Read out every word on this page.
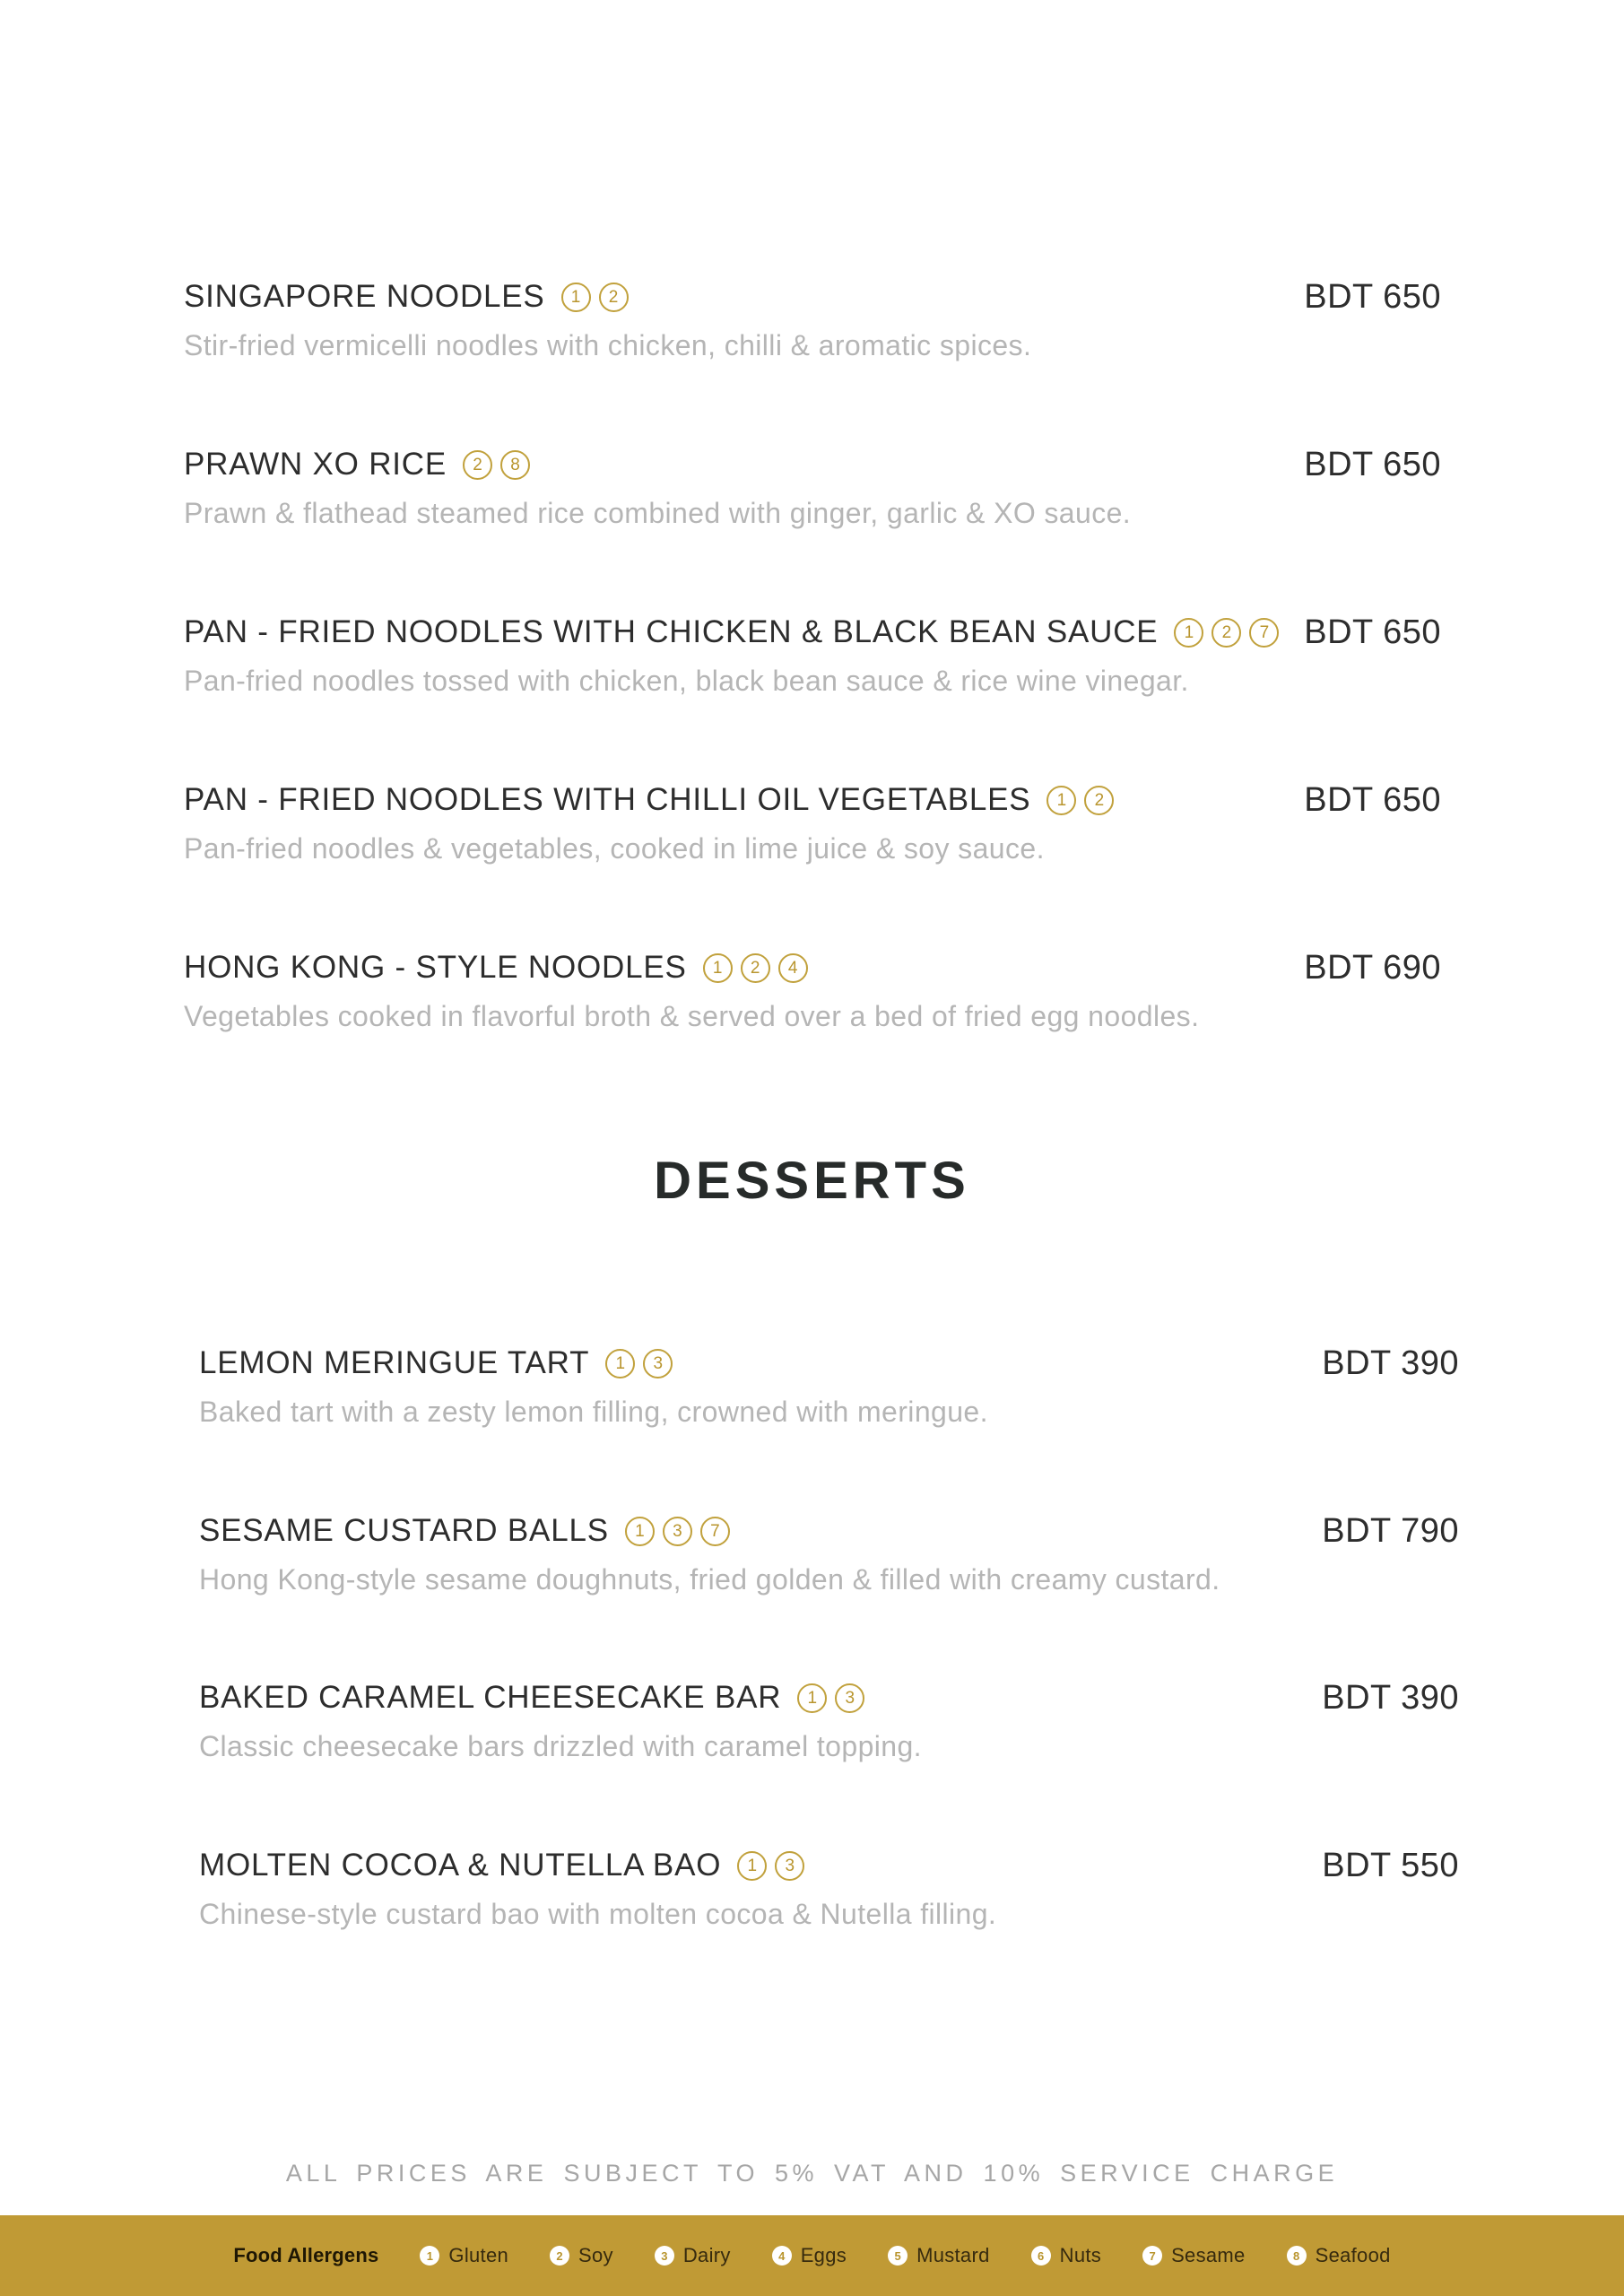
SINGAPORE NOODLES	1	2	BDT 650

Stir-fried vermicelli noodles with chicken, chilli & aromatic spices.

PRAWN XO RICE	2	8	BDT 650

Prawn & flathead steamed rice combined with ginger, garlic & XO sauce.

PAN - FRIED NOODLES WITH CHICKEN & BLACK BEAN SAUCE	1	2	7 BDT 650

Pan-fried noodles tossed with chicken, black bean sauce & rice wine vinegar.

PAN - FRIED NOODLES WITH CHILLI OIL VEGETABLES	1	2	BDT 650

Pan-fried noodles & vegetables, cooked in lime juice & soy sauce.

HONG KONG - STYLE NOODLES	1	2	4	BDT 690

Vegetables cooked in flavorful broth & served over a bed of fried egg noodles.

DESSERTS
LEMON MERINGUE TART	1	3	BDT 390

Baked tart with a zesty lemon filling, crowned with meringue.

SESAME CUSTARD BALLS	1	3	7	BDT 790

Hong Kong-style sesame doughnuts, fried golden & filled with creamy custard.

BAKED CARAMEL CHEESECAKE BAR	1	3	BDT 390

Classic cheesecake bars drizzled with caramel topping.

MOLTEN COCOA & NUTELLA BAO	1	3	BDT 550

Chinese-style custard bao with molten cocoa & Nutella filling.

ALL PRICES ARE SUBJECT TO 5% VAT AND 10% SERVICE CHARGE
Food Allergens	1 Gluten	2 Soy	3 Dairy	4 Eggs	5 Mustard	6 Nuts	7 Sesame	8 Seafood
